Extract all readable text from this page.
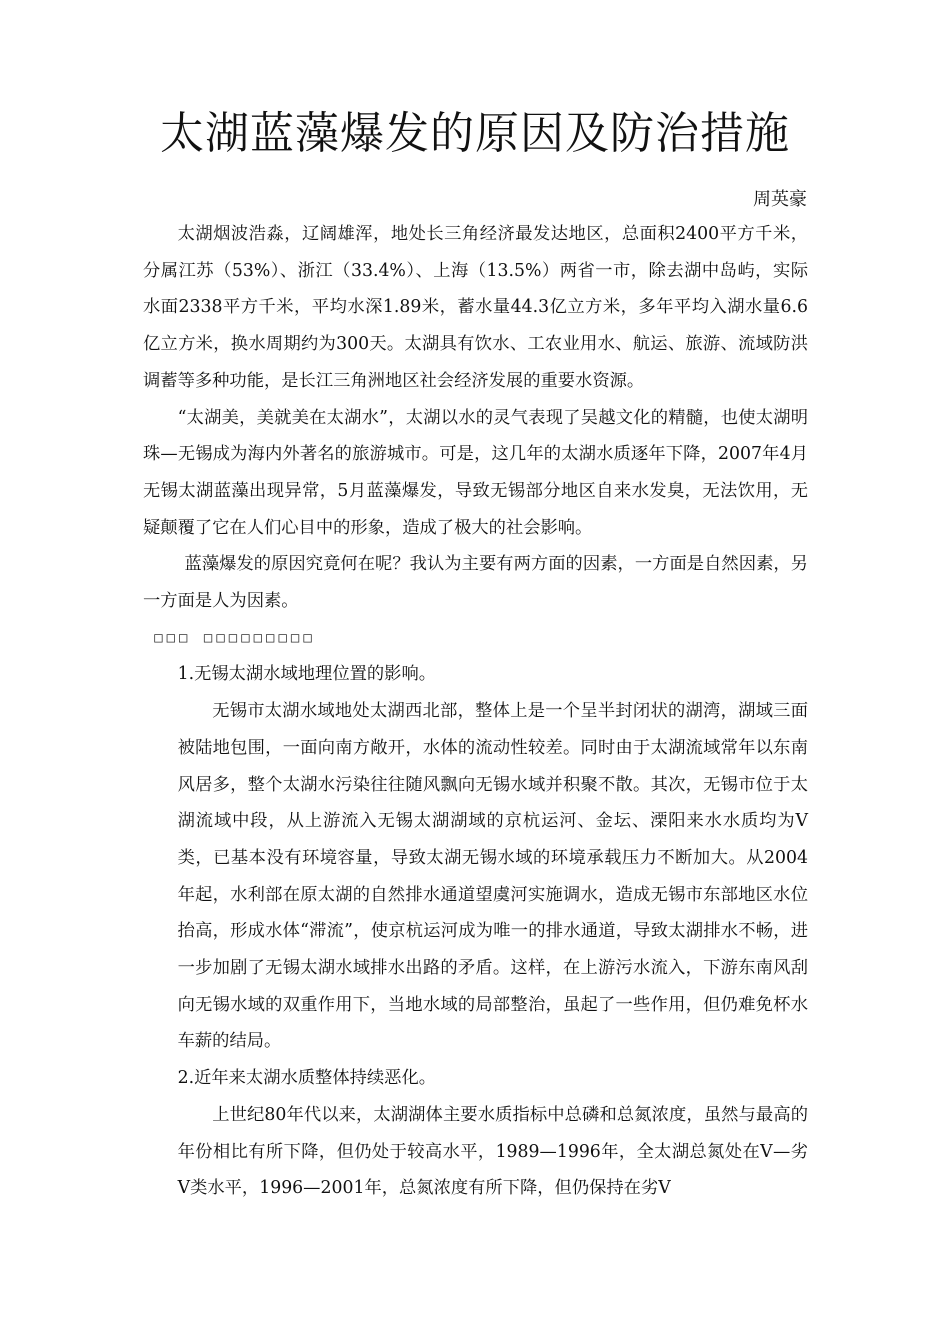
太湖蓝藻爆发的原因及防治措施
周英豪

太湖烟波浩淼，辽阔雄浑，地处长三角经济最发达地区，总面积2400平方千米，分属江苏（53%）、浙江（33.4%）、上海（13.5%）两省一市，除去湖中岛屿，实际水面2338平方千米，平均水深1.89米，蓄水量44.3亿立方米，多年平均入湖水量6.6亿立方米，换水周期约为300天。太湖具有饮水、工农业用水、航运、旅游、流域防洪调蓄等多种功能，是长江三角洲地区社会经济发展的重要水资源。

“太湖美，美就美在太湖水”，太湖以水的灵气表现了吴越文化的精髓，也使太湖明珠—无锡成为海内外著名的旅游城市。可是，这几年的太湖水质逐年下降，2007年4月无锡太湖蓝藻出现异常，5月蓝藻爆发，导致无锡部分地区自来水发臭，无法饮用，无疑颠覆了它在人们心目中的形象，造成了极大的社会影响。

蓝藻爆发的原因究竟何在呢？我认为主要有两方面的因素，一方面是自然因素，另一方面是人为因素。

□□□ □□□□□□□□□

1.无锡太湖水域地理位置的影响。

无锡市太湖水域地处太湖西北部，整体上是一个呈半封闭状的湖湾，湖域三面被陆地包围，一面向南方敞开，水体的流动性较差。同时由于太湖流域常年以东南风居多，整个太湖水污染往往随风飘向无锡水域并积聚不散。其次，无锡市位于太湖流域中段，从上游流入无锡太湖湖域的京杭运河、金坛、溧阳来水水质均为Ⅴ类，已基本没有环境容量，导致太湖无锡水域的环境承载压力不断加大。从2004年起，水利部在原太湖的自然排水通道望虞河实施调水，造成无锡市东部地区水位抬高，形成水体“滞流”，使京杭运河成为唯一的排水通道，导致太湖排水不畅，进一步加剧了无锡太湖水域排水出路的矛盾。这样，在上游污水流入，下游东南风刮向无锡水域的双重作用下，当地水域的局部整治，虽起了一些作用，但仍难免杯水车薪的结局。

2.近年来太湖水质整体持续恶化。

上世纪80年代以来，太湖湖体主要水质指标中总磷和总氮浓度，虽然与最高的年份相比有所下降，但仍处于较高水平，1989—1996年，全太湖总氮处在Ⅴ—劣Ⅴ类水平，1996—2001年，总氮浓度有所下降，但仍保持在劣Ⅴ
